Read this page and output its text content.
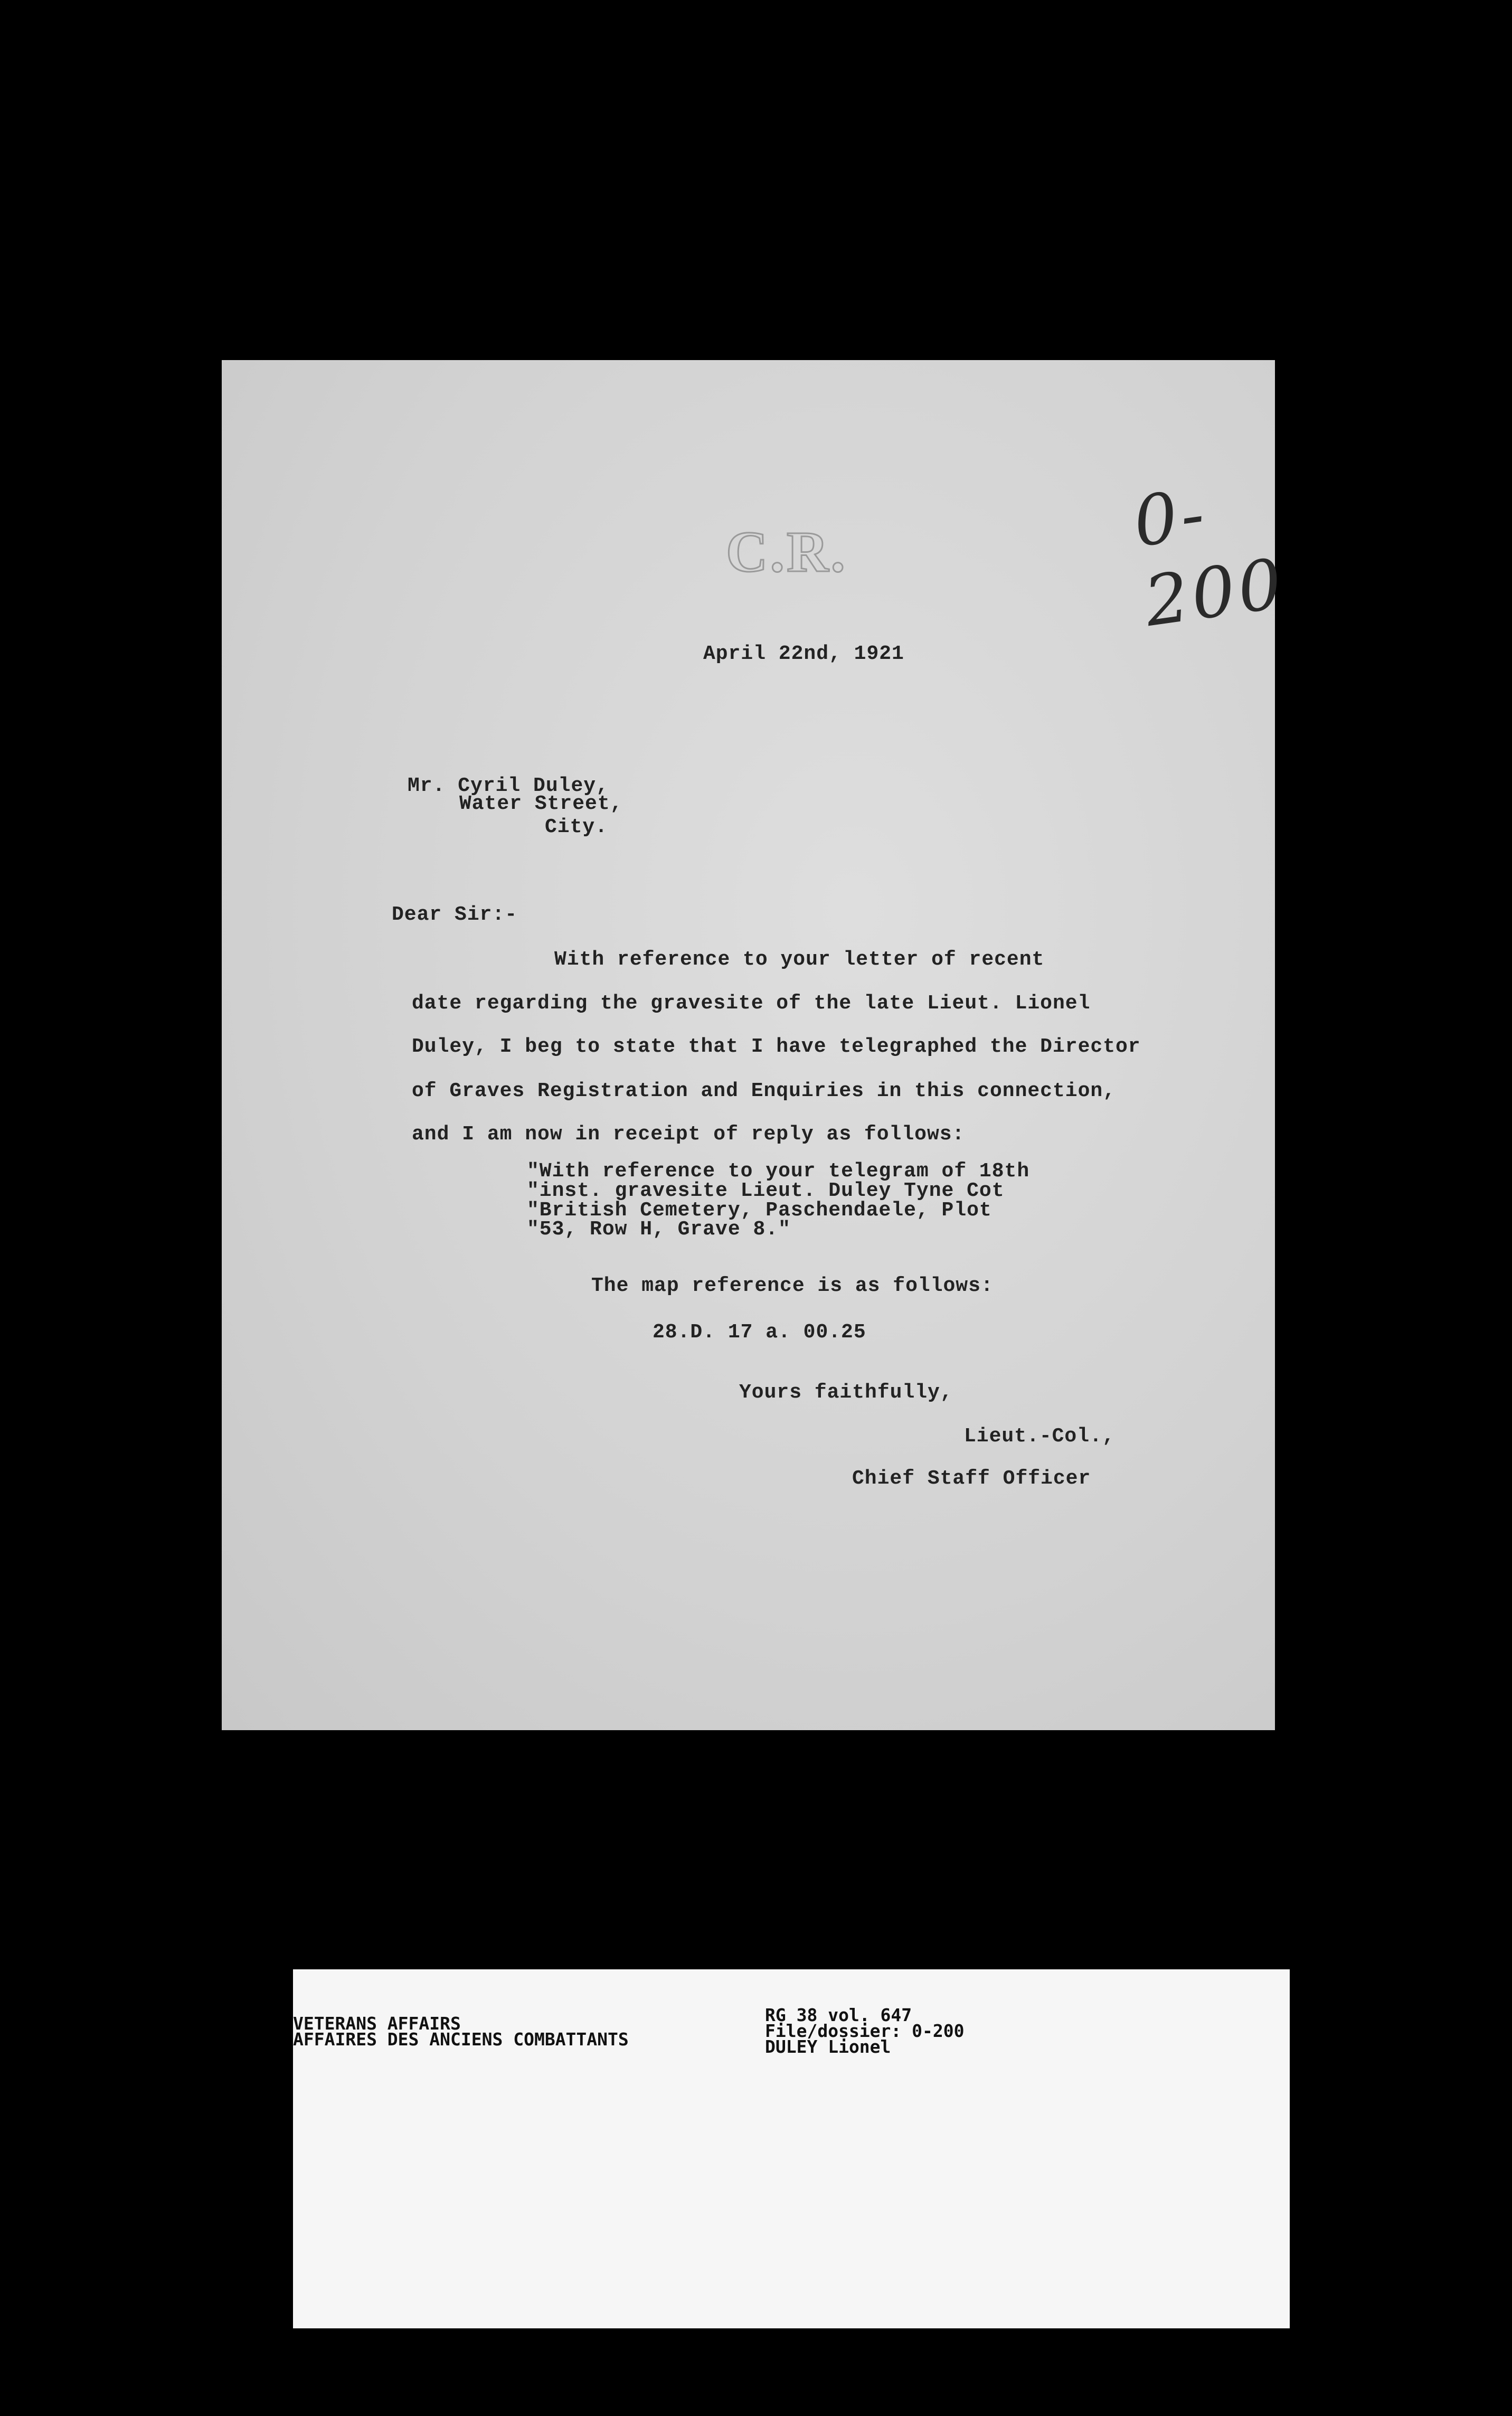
C.R.	0-200
April 22nd, 1921
Mr. Cyril Duley,
Water Street,
City.
Dear Sir:-
With reference to your letter of recent
date regarding the gravesite of the late Lieut. Lionel
Duley, I beg to state that I have telegraphed the Director
of Graves Registration and Enquiries in this connection,
and I am now in receipt of reply as follows:
"With reference to your telegram of 18th
"inst. gravesite Lieut. Duley Tyne Cot
"British Cemetery, Paschendaele, Plot
"53, Row H, Grave 8."
The map reference is as follows:
28.D. 17 a. 00.25
Yours faithfully,
Lieut.-Col.,
Chief Staff Officer
VETERANS AFFAIRS
AFFAIRES DES ANCIENS COMBATTANTS
RG 38 vol. 647
File/dossier: 0-200
DULEY Lionel
